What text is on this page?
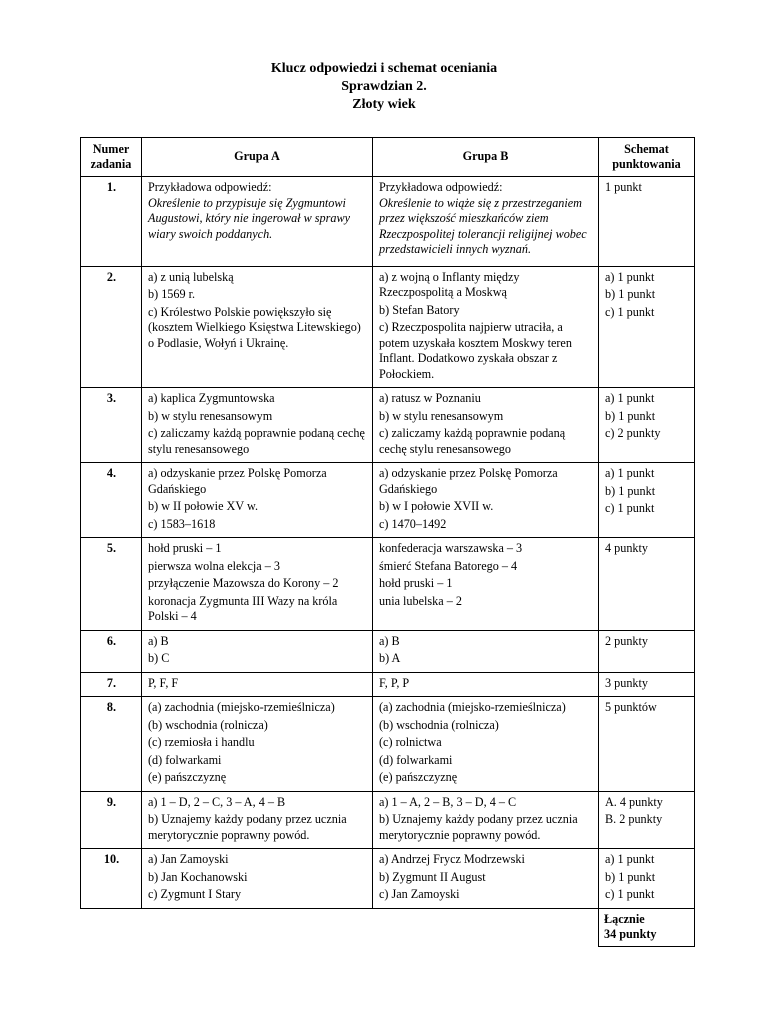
Klucz odpowiedzi i schemat oceniania
Sprawdzian 2.
Złoty wiek
Numer
zadania	Grupa A	Grupa B	Schemat
punktowania

1.	Przykładowa odpowiedź:
Określenie to przypisuje się Zygmuntowi Augustowi, który nie ingerował w sprawy wiary swoich poddanych.	Przykładowa odpowiedź:
Określenie to wiąże się z przestrzeganiem przez większość mieszkańców ziem Rzeczpospolitej tolerancji religijnej wobec przedstawicieli innych wyznań.	1 punkt

2.	a) z unią lubelską
b) 1569 r.
c) Królestwo Polskie powiększyło się (kosztem Wielkiego Księstwa Litewskiego) o Podlasie, Wołyń i Ukrainę.	a) z wojną o Inflanty między Rzeczpospolitą a Moskwą
b) Stefan Batory
c) Rzeczpospolita najpierw utraciła, a potem uzyskała kosztem Moskwy teren Inflant. Dodatkowo zyskała obszar z Połockiem.	a) 1 punkt
b) 1 punkt
c) 1 punkt

3.	a) kaplica Zygmuntowska
b) w stylu renesansowym
c) zaliczamy każdą poprawnie podaną cechę stylu renesansowego	a) ratusz w Poznaniu
b) w stylu renesansowym
c) zaliczamy każdą poprawnie podaną cechę stylu renesansowego	a) 1 punkt
b) 1 punkt
c) 2 punkty

4.	a) odzyskanie przez Polskę Pomorza Gdańskiego
b) w II połowie XV w.
c) 1583–1618	a) odzyskanie przez Polskę Pomorza Gdańskiego
b) w I połowie XVII w.
c) 1470–1492	a) 1 punkt
b) 1 punkt
c) 1 punkt

5.	hołd pruski – 1
pierwsza wolna elekcja – 3
przyłączenie Mazowsza do Korony – 2
koronacja Zygmunta III Wazy na króla Polski – 4	konfederacja warszawska – 3
śmierć Stefana Batorego – 4
hołd pruski – 1
unia lubelska – 2	4 punkty

6.	a) B
b) C	a) B
b) A	2 punkty

7.	P, F, F	F, P, P	3 punkty

8.	(a) zachodnia (miejsko-rzemieślnicza)
(b) wschodnia (rolnicza)
(c) rzemiosła i handlu
(d) folwarkami
(e) pańszczyznę	(a) zachodnia (miejsko-rzemieślnicza)
(b) wschodnia (rolnicza)
(c) rolnictwa
(d) folwarkami
(e) pańszczyznę	5 punktów

9.	a) 1 – D, 2 – C, 3 – A, 4 – B
b) Uznajemy każdy podany przez ucznia merytorycznie poprawny powód.	a) 1 – A, 2 – B, 3 – D, 4 – C
b) Uznajemy każdy podany przez ucznia merytorycznie poprawny powód.	A. 4 punkty
B. 2 punkty

10.	a) Jan Zamoyski
b) Jan Kochanowski
c) Zygmunt I Stary	a) Andrzej Frycz Modrzewski
b) Zygmunt II August
c) Jan Zamoyski	a) 1 punkt
b) 1 punkt
c) 1 punkt

			Łącznie
34 punkty
